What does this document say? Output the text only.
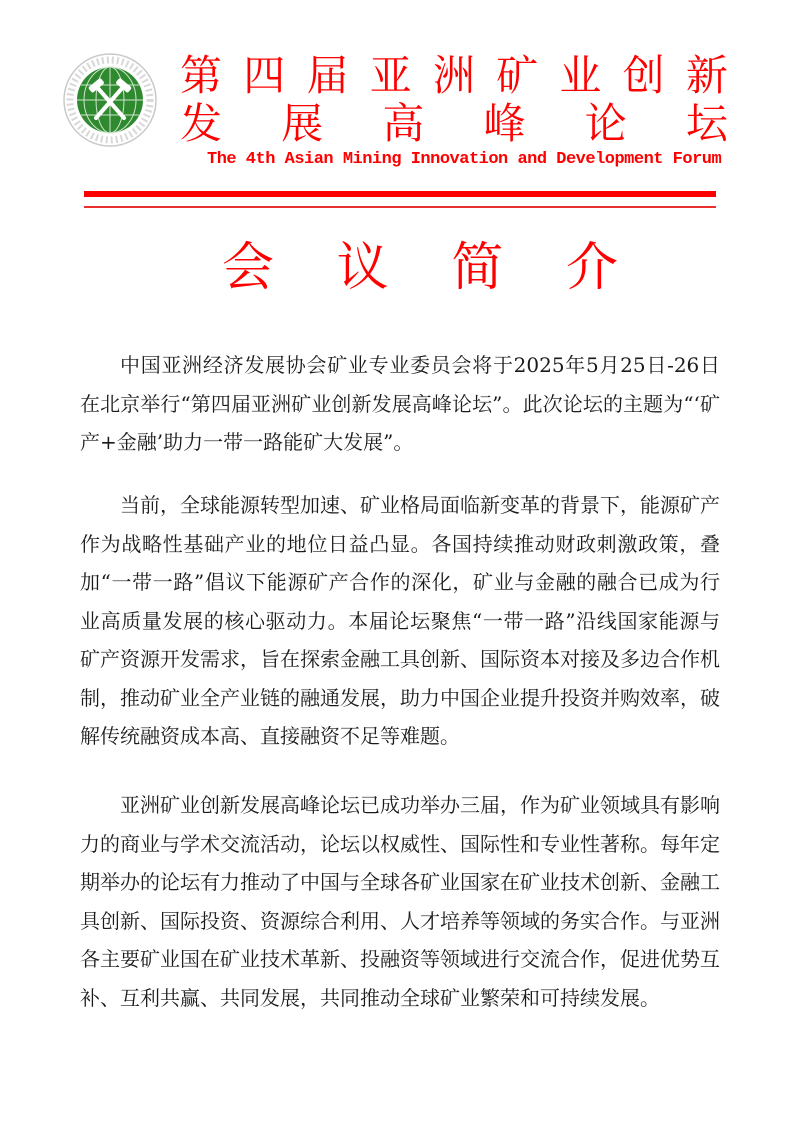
第 四 届 亚 洲 矿 业 创 新
发 展 高 峰 论 坛
The 4th Asian Mining Innovation and Development Forum
会 议 简 介

中国亚洲经济发展协会矿业专业委员会将于2025年5月25日-26日在北京举行“第四届亚洲矿业创新发展高峰论坛”。此次论坛的主题为“‘矿产+金融’助力一带一路能矿大发展”。

当前，全球能源转型加速、矿业格局面临新变革的背景下，能源矿产作为战略性基础产业的地位日益凸显。各国持续推动财政刺激政策，叠加“一带一路”倡议下能源矿产合作的深化，矿业与金融的融合已成为行业高质量发展的核心驱动力。本届论坛聚焦“一带一路”沿线国家能源与矿产资源开发需求，旨在探索金融工具创新、国际资本对接及多边合作机制，推动矿业全产业链的融通发展，助力中国企业提升投资并购效率，破解传统融资成本高、直接融资不足等难题。

亚洲矿业创新发展高峰论坛已成功举办三届，作为矿业领域具有影响力的商业与学术交流活动，论坛以权威性、国际性和专业性著称。每年定期举办的论坛有力推动了中国与全球各矿业国家在矿业技术创新、金融工具创新、国际投资、资源综合利用、人才培养等领域的务实合作。与亚洲各主要矿业国在矿业技术革新、投融资等领域进行交流合作，促进优势互补、互利共赢、共同发展，共同推动全球矿业繁荣和可持续发展。
